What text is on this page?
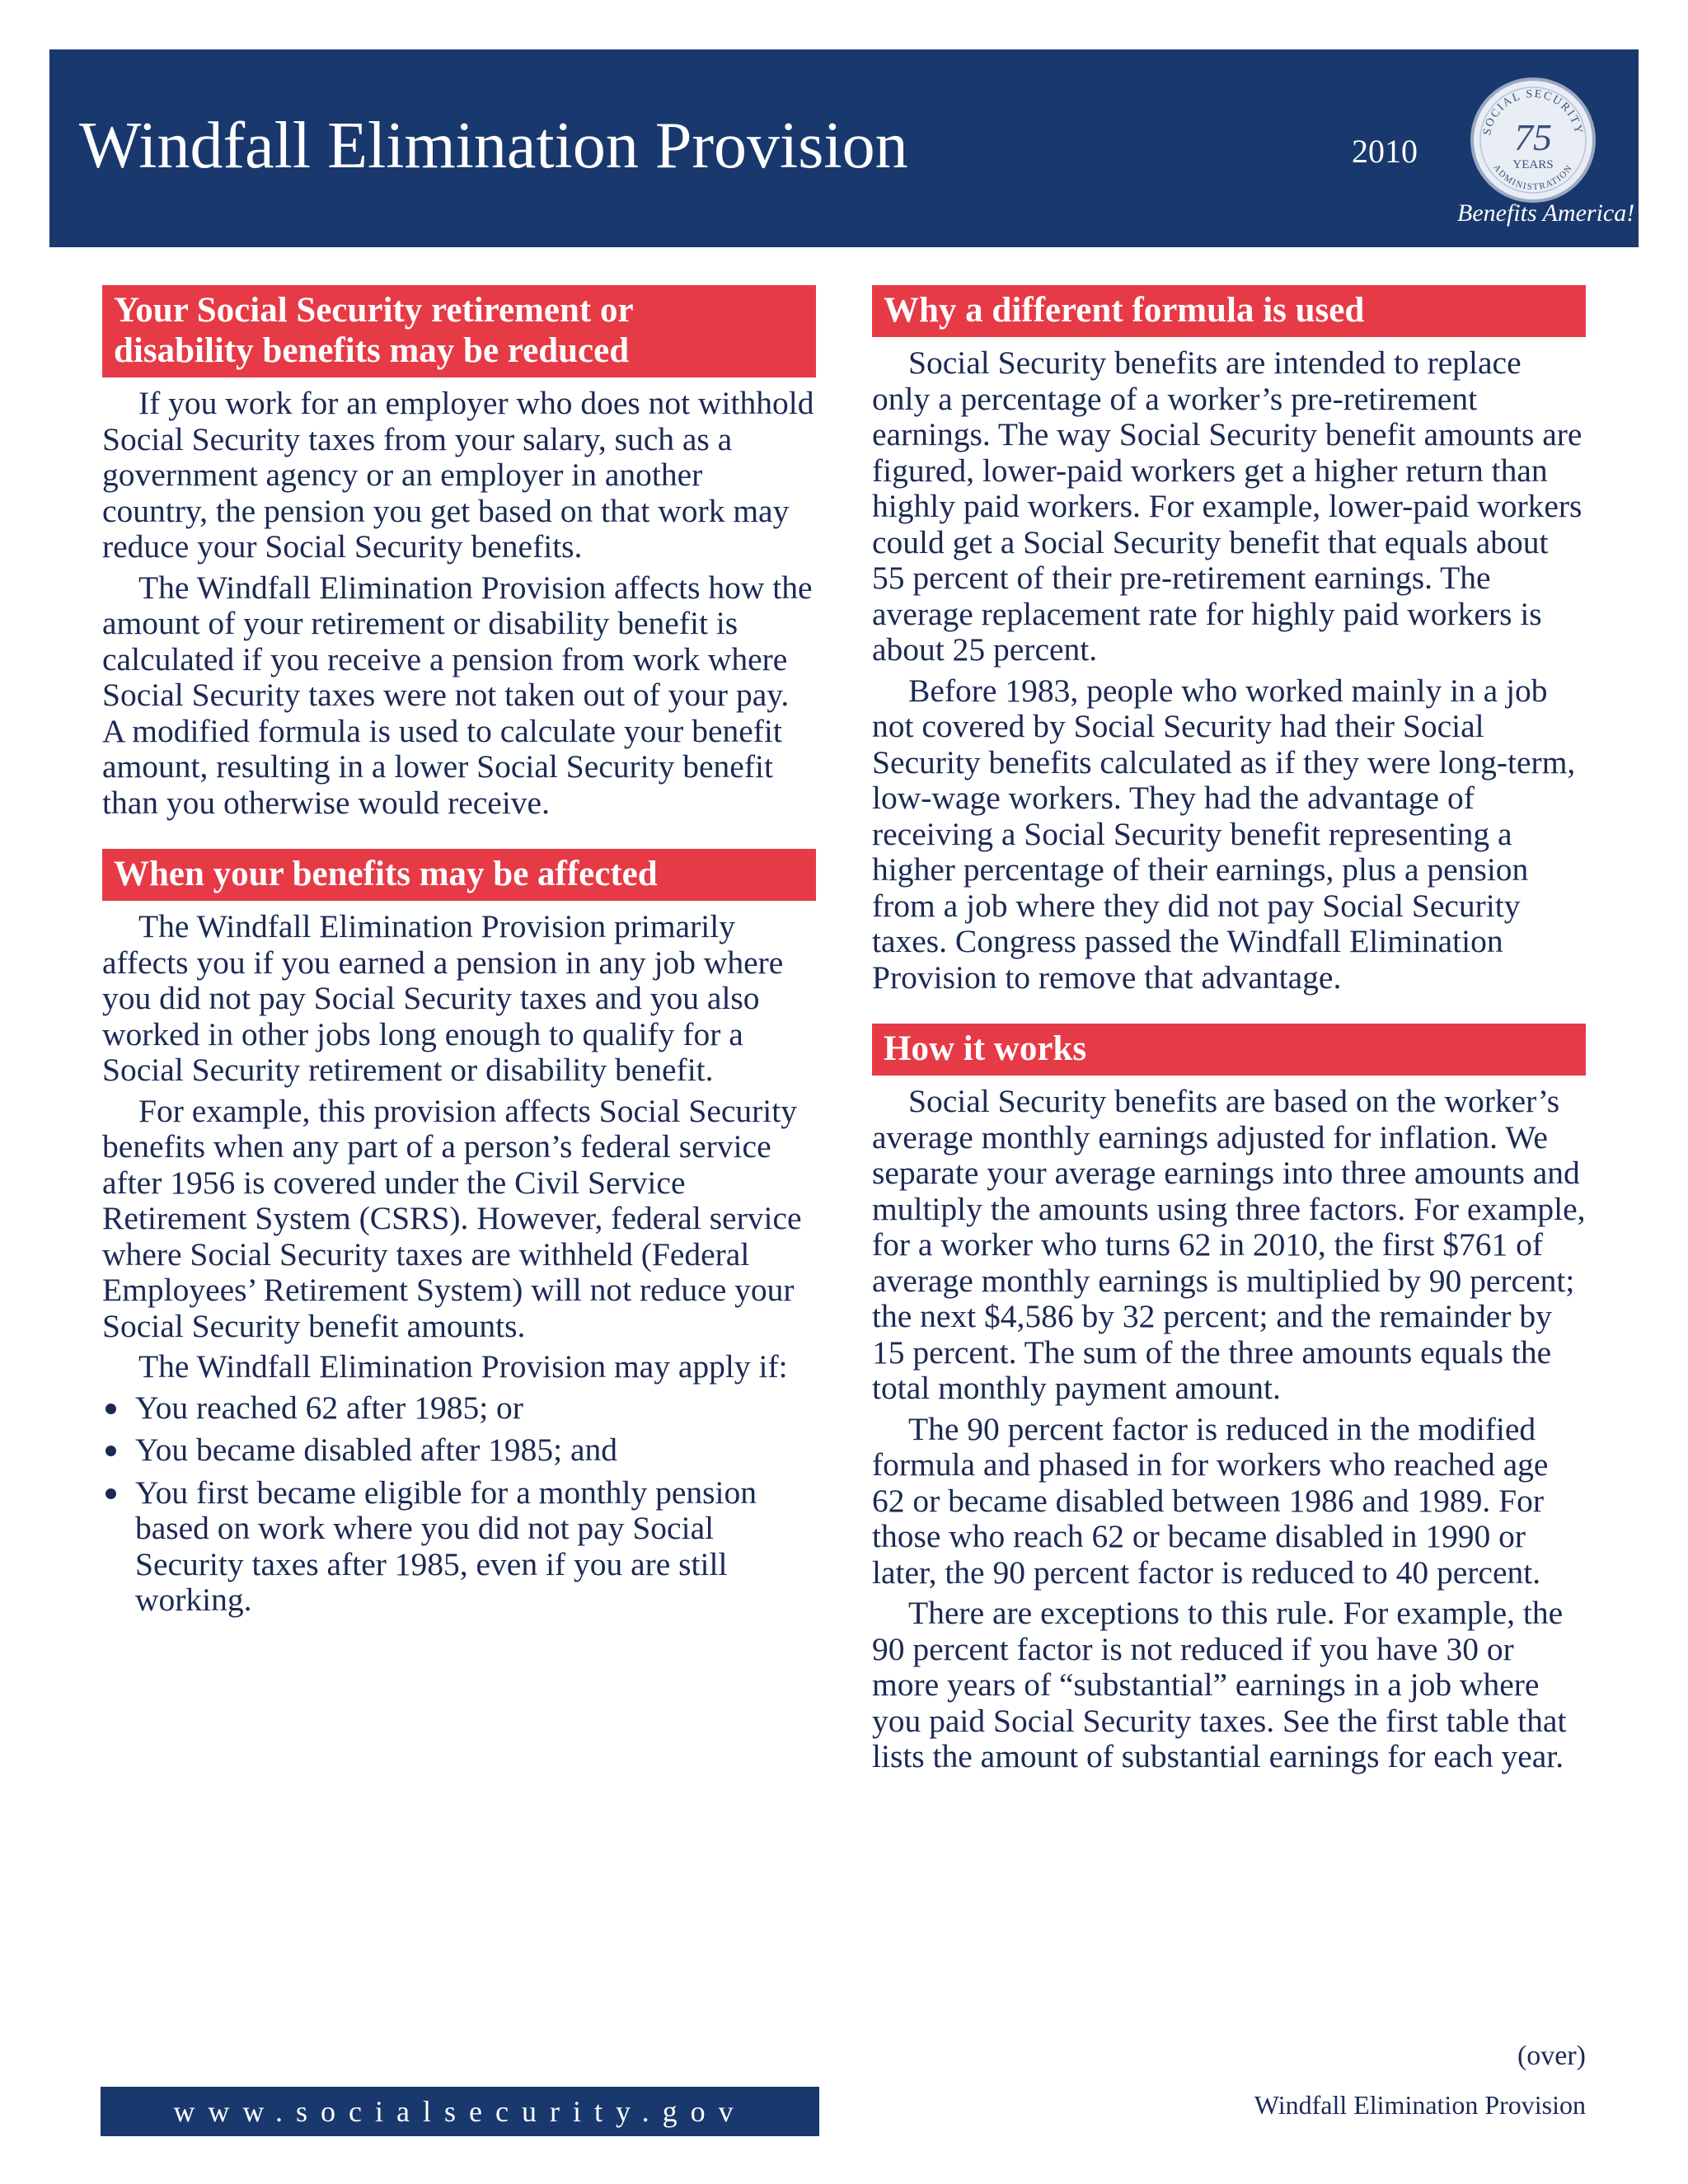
Windfall Elimination Provision	2010
SOCIAL SECURITY
ADMINISTRATION
75
YEARS
Benefits America!
Your Social Security retirement or
disability benefits may be reduced

If you work for an employer who does not withhold Social Security taxes from your salary, such as a government agency or an employer in another country, the pension you get based on that work may reduce your Social Security benefits.

The Windfall Elimination Provision affects how the amount of your retirement or disability benefit is calculated if you receive a pension from work where Social Security taxes were not taken out of your pay. A modified formula is used to calculate your benefit amount, resulting in a lower Social Security benefit than you otherwise would receive.

When your benefits may be affected

The Windfall Elimination Provision primarily affects you if you earned a pension in any job where you did not pay Social Security taxes and you also worked in other jobs long enough to qualify for a Social Security retirement or disability benefit.

For example, this provision affects Social Security benefits when any part of a person’s federal service after 1956 is covered under the Civil Service Retirement System (CSRS). However, federal service where Social Security taxes are withheld (Federal Employees’ Retirement System) will not reduce your Social Security benefit amounts.

The Windfall Elimination Provision may apply if:

You reached 62 after 1985; or
You became disabled after 1985; and
You first became eligible for a monthly pension based on work where you did not pay Social Security taxes after 1985, even if you are still working.
Why a different formula is used

Social Security benefits are intended to replace only a percentage of a worker’s pre-retirement earnings. The way Social Security benefit amounts are figured, lower-paid workers get a higher return than highly paid workers. For example, lower-paid workers could get a Social Security benefit that equals about 55 percent of their pre-retirement earnings. The average replacement rate for highly paid workers is about 25 percent.

Before 1983, people who worked mainly in a job not covered by Social Security had their Social Security benefits calculated as if they were long-term, low-wage workers. They had the advantage of receiving a Social Security benefit representing a higher percentage of their earnings, plus a pension from a job where they did not pay Social Security taxes. Congress passed the Windfall Elimination Provision to remove that advantage.

How it works

Social Security benefits are based on the worker’s average monthly earnings adjusted for inflation. We separate your average earnings into three amounts and multiply the amounts using three factors. For example, for a worker who turns 62 in 2010, the first $761 of average monthly earnings is multiplied by 90 percent; the next $4,586 by 32 percent; and the remainder by 15 percent. The sum of the three amounts equals the total monthly payment amount.

The 90 percent factor is reduced in the modified formula and phased in for workers who reached age 62 or became disabled between 1986 and 1989. For those who reach 62 or became disabled in 1990 or later, the 90 percent factor is reduced to 40 percent.

There are exceptions to this rule. For example, the 90 percent factor is not reduced if you have 30 or more years of “substantial” earnings in a job where you paid Social Security taxes. See the first table that lists the amount of substantial earnings for each year.

(over)
www.socialsecurity.gov	Windfall Elimination Provision
